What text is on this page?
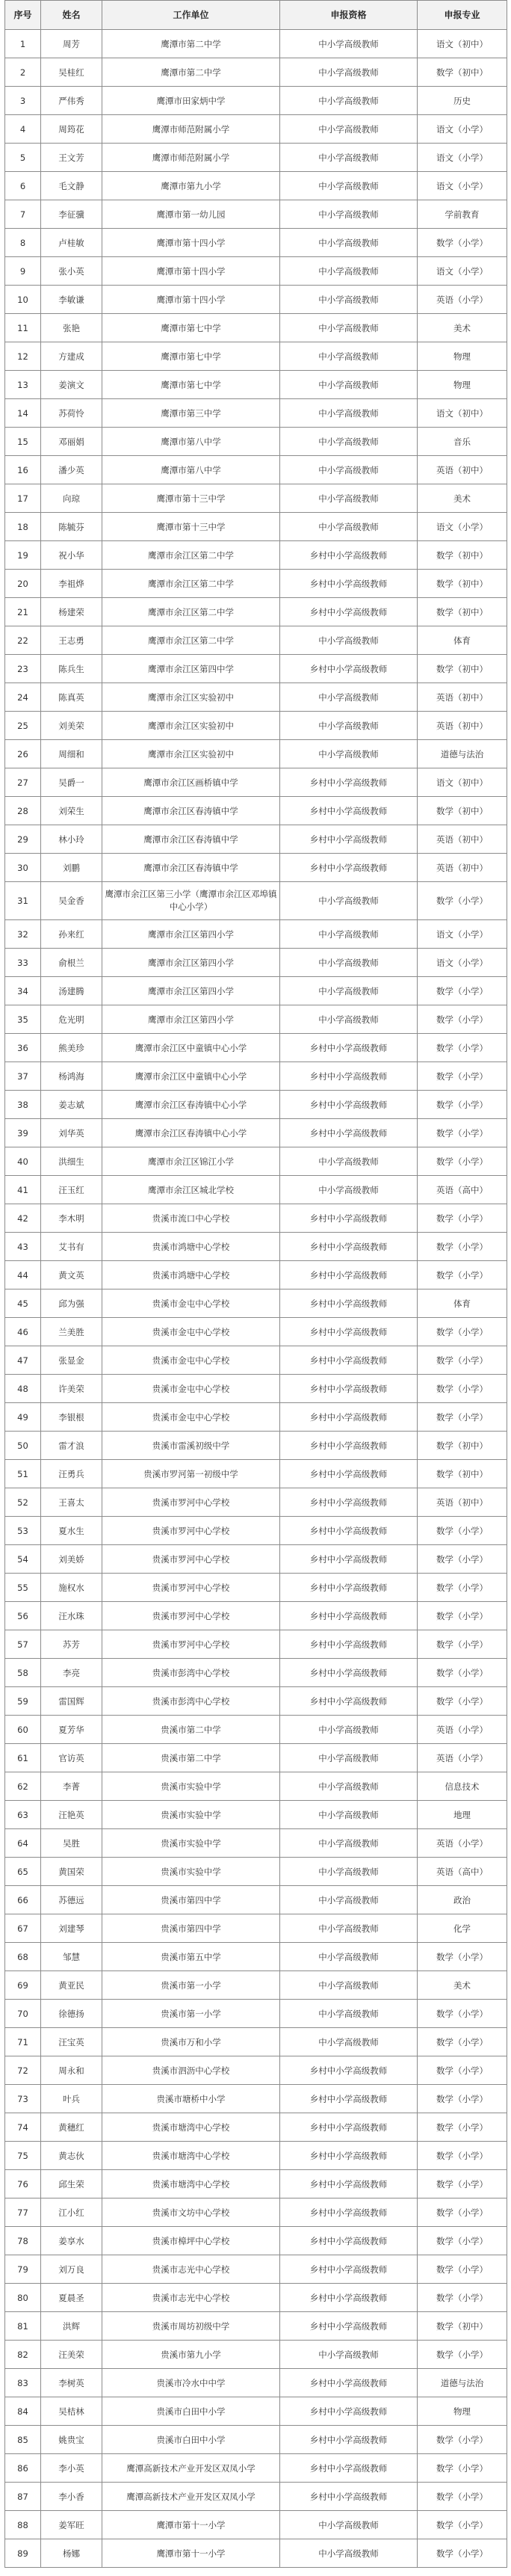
序号	姓名	工作单位	申报资格	申报专业
1	周芳	鹰潭市第二中学	中小学高级教师	语文（初中）
2	吴桂红	鹰潭市第二中学	中小学高级教师	数学（初中）
3	严伟秀	鹰潭市田家炳中学	中小学高级教师	历史
4	周筠花	鹰潭市师范附属小学	中小学高级教师	语文（小学）
5	王文芳	鹰潭市师范附属小学	中小学高级教师	语文（小学）
6	毛文静	鹰潭市第九小学	中小学高级教师	语文（小学）
7	李征骥	鹰潭市第一幼儿园	中小学高级教师	学前教育
8	卢桂敏	鹰潭市第十四小学	中小学高级教师	数学（小学）
9	张小英	鹰潭市第十四小学	中小学高级教师	语文（小学）
10	李敏谦	鹰潭市第十四小学	中小学高级教师	英语（小学）
11	张艳	鹰潭市第七中学	中小学高级教师	美术
12	方建成	鹰潭市第七中学	中小学高级教师	物理
13	姜演文	鹰潭市第七中学	中小学高级教师	物理
14	苏荷怜	鹰潭市第三中学	中小学高级教师	语文（初中）
15	邓丽娟	鹰潭市第八中学	中小学高级教师	音乐
16	潘少英	鹰潭市第八中学	中小学高级教师	英语（初中）
17	向琼	鹰潭市第十三中学	中小学高级教师	美术
18	陈毓芬	鹰潭市第十三中学	中小学高级教师	语文（小学）
19	祝小华	鹰潭市余江区第二中学	乡村中小学高级教师	数学（初中）
20	李祖烨	鹰潭市余江区第二中学	乡村中小学高级教师	数学（初中）
21	杨建荣	鹰潭市余江区第二中学	乡村中小学高级教师	数学（初中）
22	王志勇	鹰潭市余江区第二中学	中小学高级教师	体育
23	陈兵生	鹰潭市余江区第四中学	乡村中小学高级教师	数学（初中）
24	陈真英	鹰潭市余江区实验初中	中小学高级教师	英语（初中）
25	刘美荣	鹰潭市余江区实验初中	中小学高级教师	英语（初中）
26	周细和	鹰潭市余江区实验初中	中小学高级教师	道德与法治
27	吴爵一	鹰潭市余江区画桥镇中学	乡村中小学高级教师	语文（初中）
28	刘荣生	鹰潭市余江区春涛镇中学	乡村中小学高级教师	数学（初中）
29	林小玲	鹰潭市余江区春涛镇中学	乡村中小学高级教师	英语（初中）
30	刘鹏	鹰潭市余江区春涛镇中学	乡村中小学高级教师	英语（初中）
31	吴金香	鹰潭市余江区第三小学（鹰潭市余江区邓埠镇中心小学）	中小学高级教师	数学（小学）
32	孙来红	鹰潭市余江区第四小学	中小学高级教师	语文（小学）
33	俞根兰	鹰潭市余江区第四小学	中小学高级教师	语文（小学）
34	汤建腾	鹰潭市余江区第四小学	中小学高级教师	数学（小学）
35	危光明	鹰潭市余江区第四小学	中小学高级教师	数学（小学）
36	熊美珍	鹰潭市余江区中童镇中心小学	乡村中小学高级教师	数学（小学）
37	杨鸿海	鹰潭市余江区中童镇中心小学	乡村中小学高级教师	数学（小学）
38	姜志斌	鹰潭市余江区春涛镇中心小学	乡村中小学高级教师	数学（小学）
39	刘华英	鹰潭市余江区春涛镇中心小学	乡村中小学高级教师	数学（小学）
40	洪细生	鹰潭市余江区锦江小学	中小学高级教师	数学（小学）
41	汪玉红	鹰潭市余江区城北学校	中小学高级教师	英语（高中）
42	李木明	贵溪市流口中心学校	乡村中小学高级教师	数学（小学）
43	艾书有	贵溪市鸿塘中心学校	乡村中小学高级教师	数学（小学）
44	黄文英	贵溪市鸿塘中心学校	乡村中小学高级教师	数学（小学）
45	邱为强	贵溪市金屯中心学校	乡村中小学高级教师	体育
46	兰美胜	贵溪市金屯中心学校	乡村中小学高级教师	数学（小学）
47	张显金	贵溪市金屯中心学校	乡村中小学高级教师	数学（小学）
48	许美荣	贵溪市金屯中心学校	乡村中小学高级教师	数学（小学）
49	李银根	贵溪市金屯中心学校	乡村中小学高级教师	数学（小学）
50	雷才浪	贵溪市雷溪初级中学	乡村中小学高级教师	数学（初中）
51	汪勇兵	贵溪市罗河第一初级中学	乡村中小学高级教师	数学（初中）
52	王喜太	贵溪市罗河中心学校	乡村中小学高级教师	英语（初中）
53	夏水生	贵溪市罗河中心学校	乡村中小学高级教师	数学（小学）
54	刘美娇	贵溪市罗河中心学校	乡村中小学高级教师	数学（小学）
55	施权水	贵溪市罗河中心学校	乡村中小学高级教师	数学（小学）
56	汪水珠	贵溪市罗河中心学校	乡村中小学高级教师	数学（小学）
57	苏芳	贵溪市罗河中心学校	乡村中小学高级教师	数学（小学）
58	李亮	贵溪市彭湾中心学校	乡村中小学高级教师	数学（小学）
59	雷国辉	贵溪市彭湾中心学校	乡村中小学高级教师	数学（小学）
60	夏芳华	贵溪市第二中学	中小学高级教师	英语（小学）
61	官访英	贵溪市第二中学	中小学高级教师	英语（小学）
62	李菁	贵溪市实验中学	中小学高级教师	信息技术
63	汪艳英	贵溪市实验中学	中小学高级教师	地理
64	吴胜	贵溪市实验中学	中小学高级教师	英语（小学）
65	黄国荣	贵溪市实验中学	中小学高级教师	英语（高中）
66	苏德远	贵溪市第四中学	中小学高级教师	政治
67	刘建琴	贵溪市第四中学	中小学高级教师	化学
68	邹慧	贵溪市第五中学	中小学高级教师	数学（小学）
69	黄亚民	贵溪市第一小学	中小学高级教师	美术
70	徐德扬	贵溪市第一小学	中小学高级教师	数学（小学）
71	汪宝英	贵溪市万和小学	中小学高级教师	数学（小学）
72	周永和	贵溪市泗沥中心学校	乡村中小学高级教师	数学（小学）
73	叶兵	贵溪市塘桥中小学	乡村中小学高级教师	数学（小学）
74	黄穗红	贵溪市塘湾中心学校	乡村中小学高级教师	数学（小学）
75	黄志伙	贵溪市塘湾中心学校	乡村中小学高级教师	数学（小学）
76	邱生荣	贵溪市塘湾中心学校	乡村中小学高级教师	数学（小学）
77	江小红	贵溪市文坊中心学校	乡村中小学高级教师	数学（小学）
78	姜享水	贵溪市樟坪中心学校	乡村中小学高级教师	数学（小学）
79	刘万良	贵溪市志光中心学校	乡村中小学高级教师	数学（小学）
80	夏晨圣	贵溪市志光中心学校	乡村中小学高级教师	数学（小学）
81	洪辉	贵溪市周坊初级中学	乡村中小学高级教师	数学（初中）
82	汪美荣	贵溪市第九小学	中小学高级教师	数学（小学）
83	李树英	贵溪市冷水中中学	乡村中小学高级教师	道德与法治
84	吴桔林	贵溪市白田中小学	乡村中小学高级教师	物理
85	姚贵宝	贵溪市白田中小学	乡村中小学高级教师	数学（小学）
86	李小英	鹰潭高新技术产业开发区双凤小学	乡村中小学高级教师	数学（小学）
87	李小香	鹰潭高新技术产业开发区双凤小学	乡村中小学高级教师	数学（小学）
88	姜军旺	鹰潭市第十一小学	中小学高级教师	数学（小学）
89	杨娜	鹰潭市第十一小学	中小学高级教师	数学（小学）
